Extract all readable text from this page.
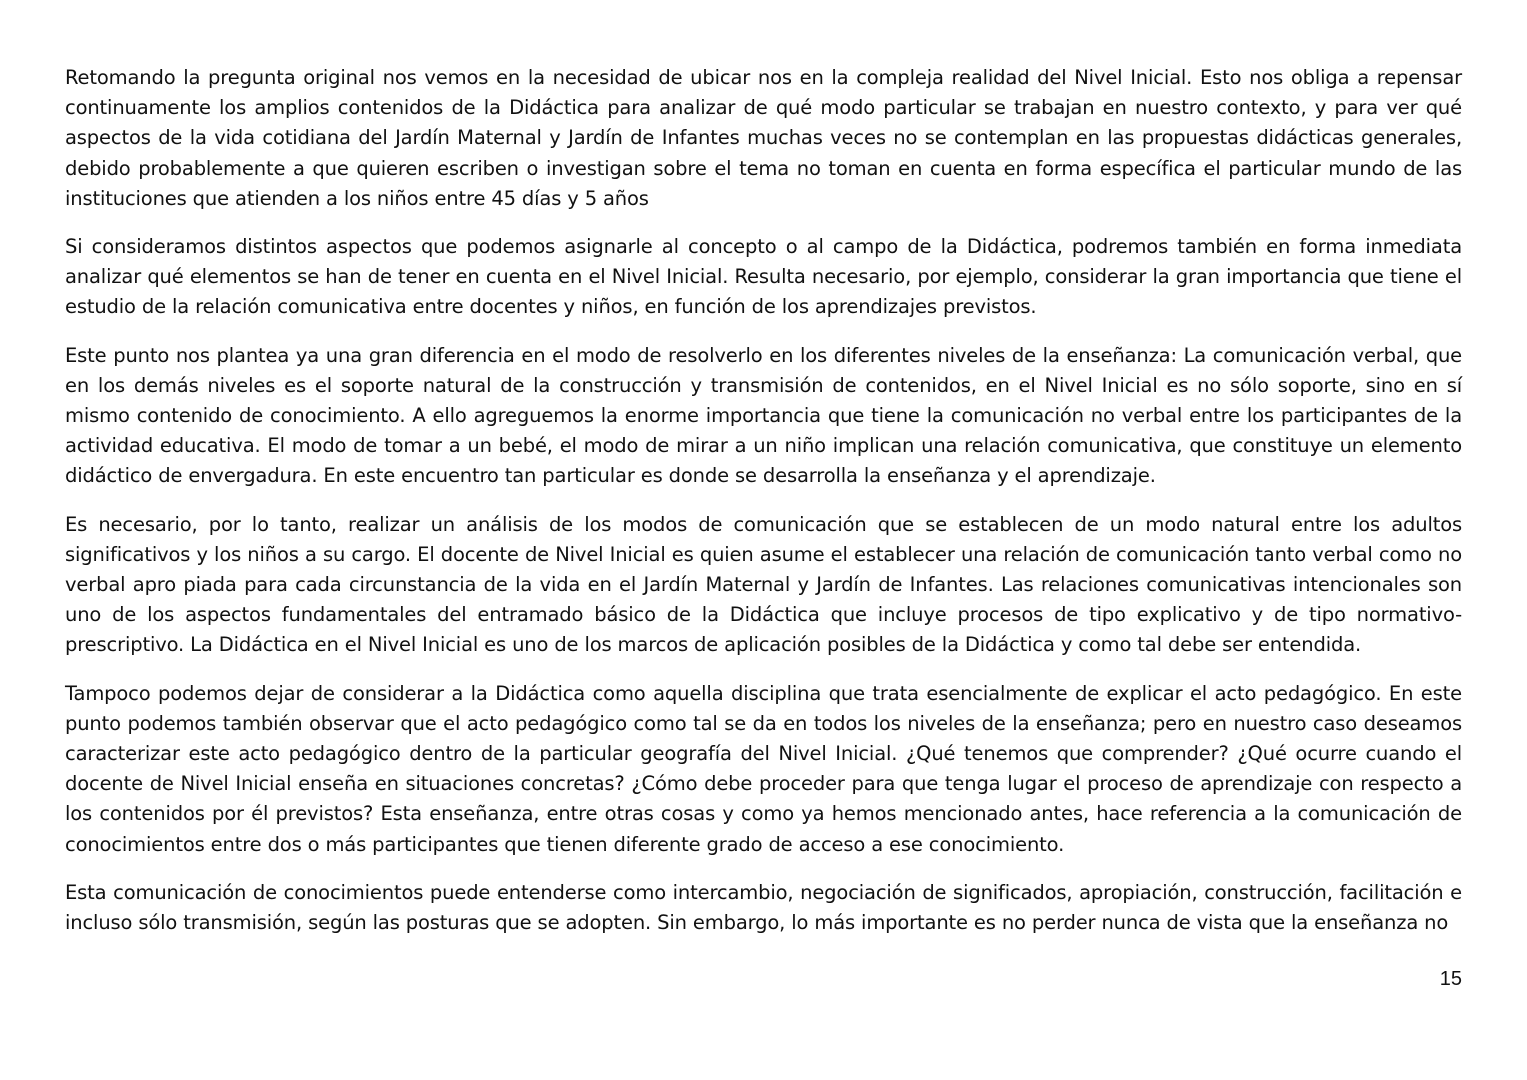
Retomando la pregunta original nos vemos en la necesidad de ubicar nos en la compleja realidad del Nivel Inicial. Esto nos obliga a repensar continuamente los amplios contenidos de la Didáctica para analizar de qué modo particular se trabajan en nuestro contexto, y para ver qué aspectos de la vida cotidiana del Jardín Maternal y Jardín de Infantes muchas veces no se contemplan en las propuestas didácticas generales, debido probablemente a que quieren escriben o investigan sobre el tema no toman en cuenta en forma específica el particular mundo de las instituciones que atienden a los niños entre 45 días y 5 años

Si consideramos distintos aspectos que podemos asignarle al concepto o al campo de la Didáctica, podremos también en forma inmediata analizar qué elementos se han de tener en cuenta en el Nivel Inicial. Resulta necesario, por ejemplo, considerar la gran importancia que tiene el estudio de la relación comunicativa entre docentes y niños, en función de los aprendizajes previstos.

Este punto nos plantea ya una gran diferencia en el modo de resolverlo en los diferentes niveles de la enseñanza: La comunicación verbal, que en los demás niveles es el soporte natural de la construcción y transmisión de contenidos, en el Nivel Inicial es no sólo soporte, sino en sí mismo contenido de conocimiento. A ello agreguemos la enorme importancia que tiene la comunicación no verbal entre los participantes de la actividad educativa. El modo de tomar a un bebé, el modo de mirar a un niño implican una relación comunicativa, que constituye un elemento didáctico de envergadura. En este encuentro tan particular es donde se desarrolla la enseñanza y el aprendizaje.

Es necesario, por lo tanto, realizar un análisis de los modos de comunicación que se establecen de un modo natural entre los adultos significativos y los niños a su cargo. El docente de Nivel Inicial es quien asume el establecer una relación de comunicación tanto verbal como no verbal apro piada para cada circunstancia de la vida en el Jardín Maternal y Jardín de Infantes. Las relaciones comunicativas intencionales son uno de los aspectos fundamentales del entramado básico de la Didáctica que incluye procesos de tipo explicativo y de tipo normativo-prescriptivo. La Didáctica en el Nivel Inicial es uno de los marcos de aplicación posibles de la Didáctica y como tal debe ser entendida.

Tampoco podemos dejar de considerar a la Didáctica como aquella disciplina que trata esencialmente de explicar el acto pedagógico. En este punto podemos también observar que el acto pedagógico como tal se da en todos los niveles de la enseñanza; pero en nuestro caso deseamos caracterizar este acto pedagógico dentro de la particular geografía del Nivel Inicial. ¿Qué tenemos que comprender? ¿Qué ocurre cuando el docente de Nivel Inicial enseña en situaciones concretas? ¿Cómo debe proceder para que tenga lugar el proceso de aprendizaje con respecto a los contenidos por él previstos? Esta enseñanza, entre otras cosas y como ya hemos mencionado antes, hace referencia a la comunicación de conocimientos entre dos o más participantes que tienen diferente grado de acceso a ese conocimiento.

Esta comunicación de conocimientos puede entenderse como intercambio, negociación de significados, apropiación, construcción, facilitación e incluso sólo transmisión, según las posturas que se adopten. Sin embargo, lo más importante es no perder nunca de vista que la enseñanza no

15
